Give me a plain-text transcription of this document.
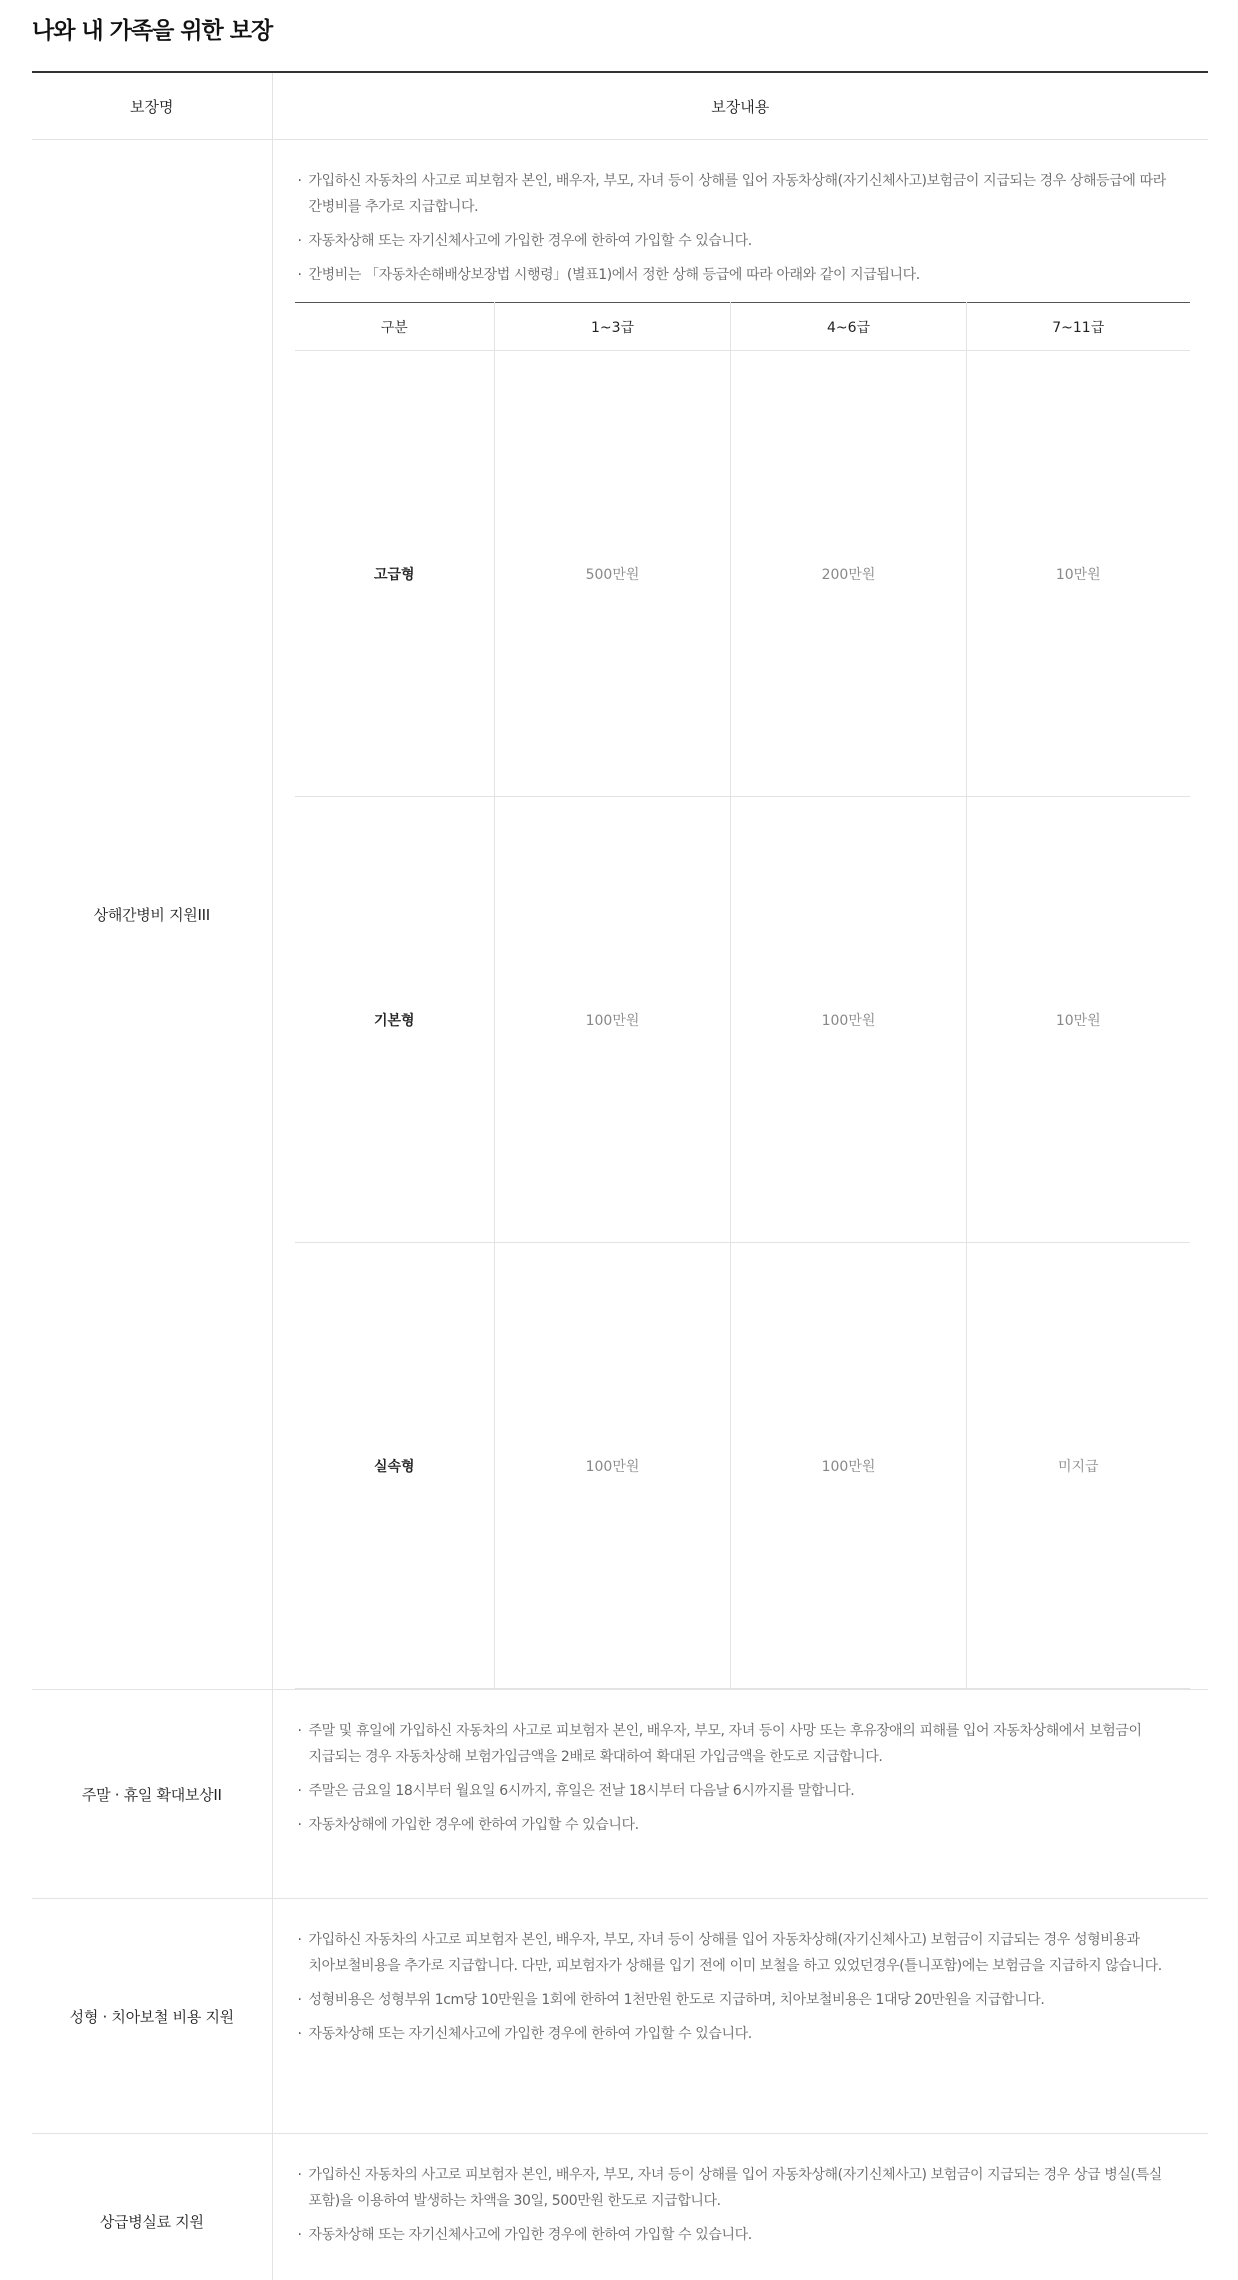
나와 내 가족을 위한 보장
보장명	보장내용
상해간병비 지원III	
· 가입하신 자동차의 사고로 피보험자 본인, 배우자, 부모, 자녀 등이 상해를 입어 자동차상해(자기신체사고)보험금이 지급되는 경우 상해등급에 따라 간병비를 추가로 지급합니다.
· 자동차상해 또는 자기신체사고에 가입한 경우에 한하여 가입할 수 있습니다.
· 간병비는 「자동차손해배상보장법 시행령」(별표1)에서 정한 상해 등급에 따라 아래와 같이 지급됩니다.
구분	1~3급	4~6급	7~11급
고급형	500만원	200만원	10만원
기본형	100만원	100만원	10만원
실속형	100만원	100만원	미지급

주말 · 휴일 확대보상II	
· 주말 및 휴일에 가입하신 자동차의 사고로 피보험자 본인, 배우자, 부모, 자녀 등이 사망 또는 후유장애의 피해를 입어 자동차상해에서 보험금이 지급되는 경우 자동차상해 보험가입금액을 2배로 확대하여 확대된 가입금액을 한도로 지급합니다.
· 주말은 금요일 18시부터 월요일 6시까지, 휴일은 전날 18시부터 다음날 6시까지를 말합니다.
· 자동차상해에 가입한 경우에 한하여 가입할 수 있습니다.

성형 · 치아보철 비용 지원	
· 가입하신 자동차의 사고로 피보험자 본인, 배우자, 부모, 자녀 등이 상해를 입어 자동차상해(자기신체사고) 보험금이 지급되는 경우 성형비용과 치아보철비용을 추가로 지급합니다. 다만, 피보험자가 상해를 입기 전에 이미 보철을 하고 있었던경우(틀니포함)에는 보험금을 지급하지 않습니다.
· 성형비용은 성형부위 1cm당 10만원을 1회에 한하여 1천만원 한도로 지급하며, 치아보철비용은 1대당 20만원을 지급합니다.
· 자동차상해 또는 자기신체사고에 가입한 경우에 한하여 가입할 수 있습니다.

상급병실료 지원	
· 가입하신 자동차의 사고로 피보험자 본인, 배우자, 부모, 자녀 등이 상해를 입어 자동차상해(자기신체사고) 보험금이 지급되는 경우 상급 병실(특실 포함)을 이용하여 발생하는 차액을 30일, 500만원 한도로 지급합니다.
· 자동차상해 또는 자기신체사고에 가입한 경우에 한하여 가입할 수 있습니다.
